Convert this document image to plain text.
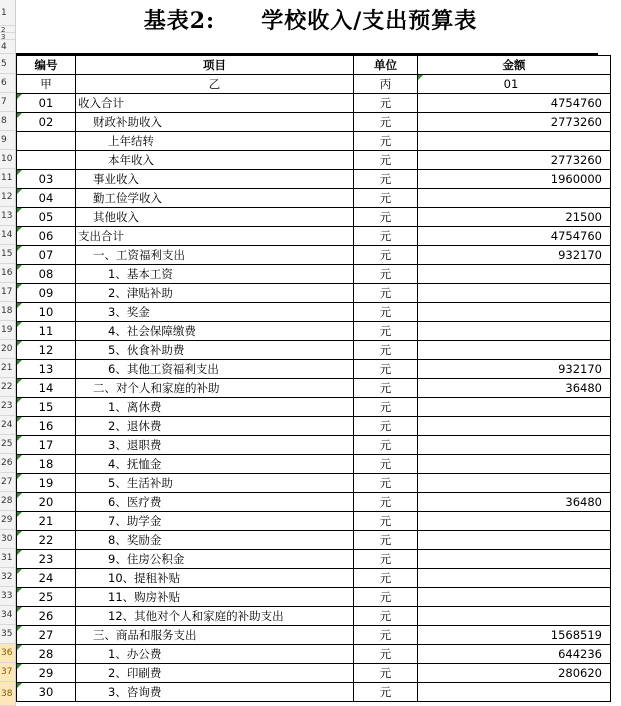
1
2
3
4
5
6
7
8
9
10
11
12
13
14
15
16
17
18
19
20
21
22
23
24
25
26
27
28
29
30
31
32
33
34
35
36
37
38
基表2: 学校收入/支出预算表
编号	项目	单位	金额
甲	乙	丙	01
01	收入合计	元	4754760
02	财政补助收入	元	2773260
	上年结转	元	
	本年收入	元	2773260
03	事业收入	元	1960000
04	勤工俭学收入	元	
05	其他收入	元	21500
06	支出合计	元	4754760
07	一、工资福利支出	元	932170
08	1、基本工资	元	
09	2、津贴补助	元	
10	3、奖金	元	
11	4、社会保障缴费	元	
12	5、伙食补助费	元	
13	6、其他工资福利支出	元	932170
14	二、对个人和家庭的补助	元	36480
15	1、离休费	元	
16	2、退休费	元	
17	3、退职费	元	
18	4、抚恤金	元	
19	5、生活补助	元	
20	6、医疗费	元	36480
21	7、助学金	元	
22	8、奖励金	元	
23	9、住房公积金	元	
24	10、提租补贴	元	
25	11、购房补贴	元	
26	12、其他对个人和家庭的补助支出	元	
27	三、商品和服务支出	元	1568519
28	1、办公费	元	644236
29	2、印刷费	元	280620
30	3、咨询费	元	
